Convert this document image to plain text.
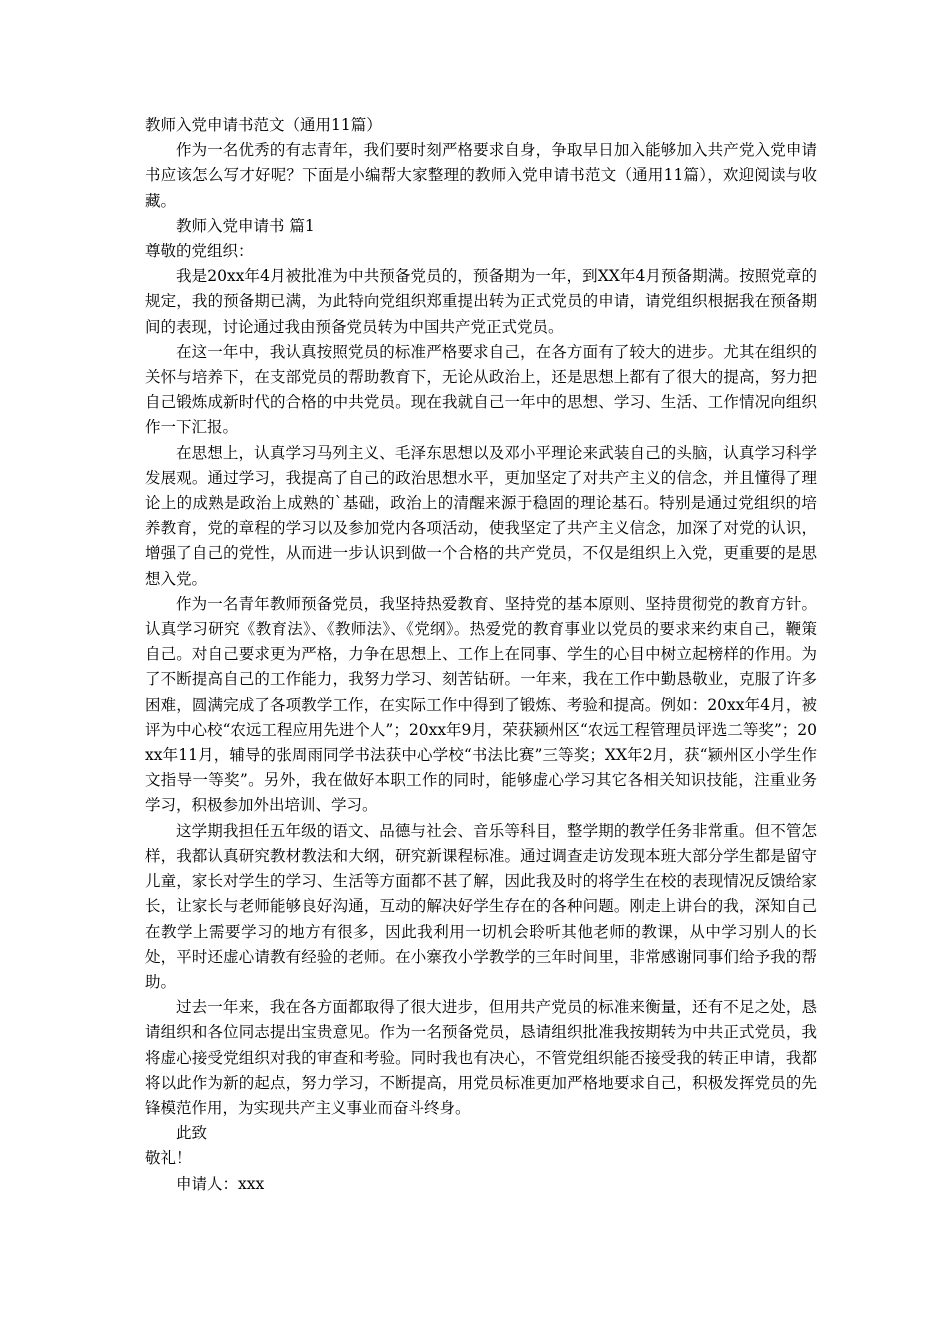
教师入党申请书范文（通用11篇）

作为一名优秀的有志青年，我们要时刻严格要求自身，争取早日加入能够加入共产党入党申请书应该怎么写才好呢？下面是小编帮大家整理的教师入党申请书范文（通用11篇），欢迎阅读与收藏。

教师入党申请书 篇1

尊敬的党组织：

我是20xx年4月被批准为中共预备党员的，预备期为一年，到XX年4月预备期满。按照党章的规定，我的预备期已满，为此特向党组织郑重提出转为正式党员的申请，请党组织根据我在预备期间的表现，讨论通过我由预备党员转为中国共产党正式党员。

在这一年中，我认真按照党员的标准严格要求自己，在各方面有了较大的进步。尤其在组织的关怀与培养下，在支部党员的帮助教育下，无论从政治上，还是思想上都有了很大的提高，努力把自己锻炼成新时代的合格的中共党员。现在我就自己一年中的思想、学习、生活、工作情况向组织作一下汇报。

在思想上，认真学习马列主义、毛泽东思想以及邓小平理论来武装自己的头脑，认真学习科学发展观。通过学习，我提高了自己的政治思想水平，更加坚定了对共产主义的信念，并且懂得了理论上的成熟是政治上成熟的`基础，政治上的清醒来源于稳固的理论基石。特别是通过党组织的培养教育，党的章程的学习以及参加党内各项活动，使我坚定了共产主义信念，加深了对党的认识，增强了自己的党性，从而进一步认识到做一个合格的共产党员，不仅是组织上入党，更重要的是思想入党。

作为一名青年教师预备党员，我坚持热爱教育、坚持党的基本原则、坚持贯彻党的教育方针。认真学习研究《教育法》、《教师法》、《党纲》。热爱党的教育事业以党员的要求来约束自己，鞭策自己。对自己要求更为严格，力争在思想上、工作上在同事、学生的心目中树立起榜样的作用。为了不断提高自己的工作能力，我努力学习、刻苦钻研。一年来，我在工作中勤恳敬业，克服了许多困难，圆满完成了各项教学工作，在实际工作中得到了锻炼、考验和提高。例如：20xx年4月，被评为中心校“农远工程应用先进个人”；20xx年9月，荣获颍州区“农远工程管理员评选二等奖”；20xx年11月，辅导的张周雨同学书法获中心学校“书法比赛”三等奖；XX年2月，获“颍州区小学生作文指导一等奖”。另外，我在做好本职工作的同时，能够虚心学习其它各相关知识技能，注重业务学习，积极参加外出培训、学习。

这学期我担任五年级的语文、品德与社会、音乐等科目，整学期的教学任务非常重。但不管怎样，我都认真研究教材教法和大纲，研究新课程标准。通过调查走访发现本班大部分学生都是留守儿童，家长对学生的学习、生活等方面都不甚了解，因此我及时的将学生在校的表现情况反馈给家长，让家长与老师能够良好沟通，互动的解决好学生存在的各种问题。刚走上讲台的我，深知自己在教学上需要学习的地方有很多，因此我利用一切机会聆听其他老师的教课，从中学习别人的长处，平时还虚心请教有经验的老师。在小寨孜小学教学的三年时间里，非常感谢同事们给予我的帮助。

过去一年来，我在各方面都取得了很大进步，但用共产党员的标准来衡量，还有不足之处，恳请组织和各位同志提出宝贵意见。作为一名预备党员，恳请组织批准我按期转为中共正式党员，我将虚心接受党组织对我的审查和考验。同时我也有决心，不管党组织能否接受我的转正申请，我都将以此作为新的起点，努力学习，不断提高，用党员标准更加严格地要求自己，积极发挥党员的先锋模范作用，为实现共产主义事业而奋斗终身。

此致

敬礼！

申请人：xxx
